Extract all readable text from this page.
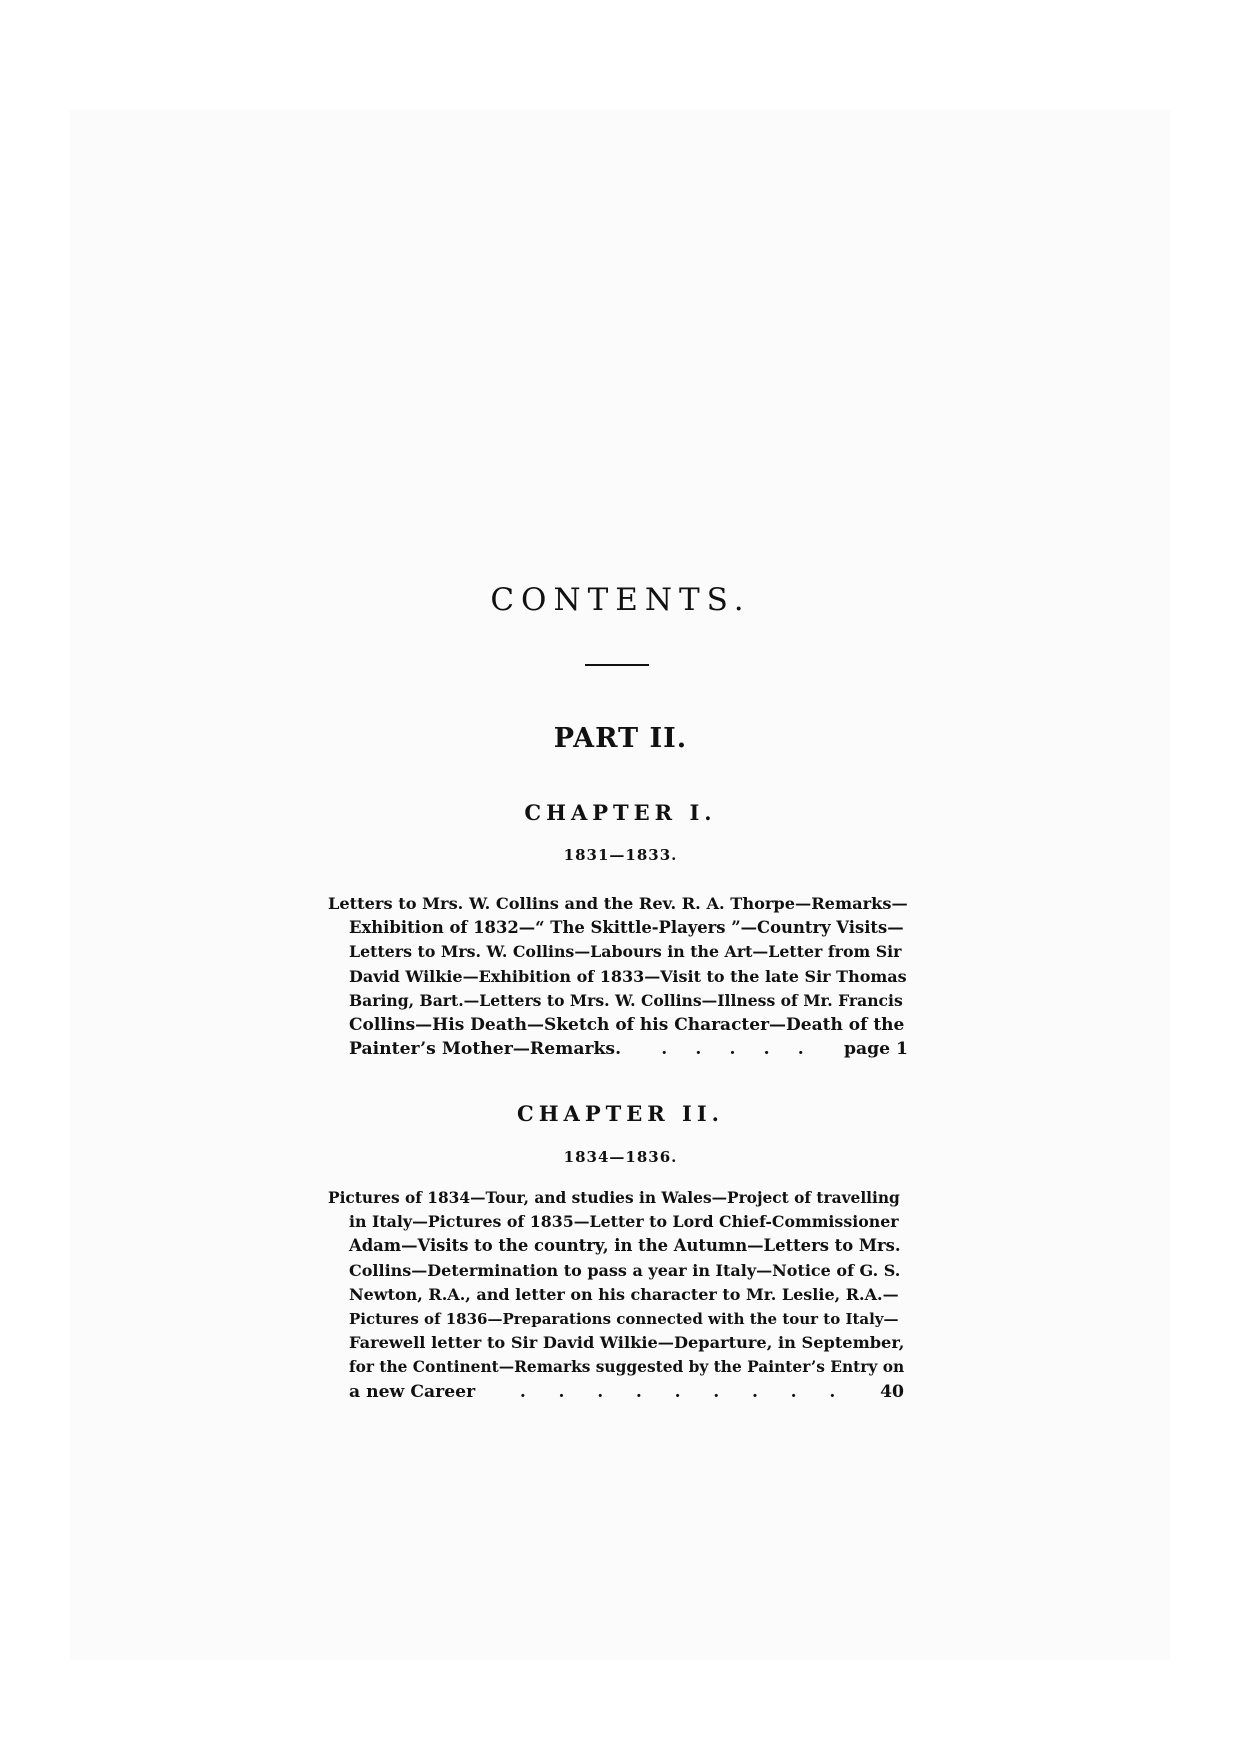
CONTENTS.
PART II.
CHAPTER I.
1831—1833.
Letters to Mrs. W. Collins and the Rev. R. A. Thorpe—Remarks—
Exhibition of 1832—“ The Skittle-Players ”—Country Visits—
Letters to Mrs. W. Collins—Labours in the Art—Letter from Sir
David Wilkie—Exhibition of 1833—Visit to the late Sir Thomas
Baring, Bart.—Letters to Mrs. W. Collins—Illness of Mr. Francis
Collins—His Death—Sketch of his Character—Death of the
Painter’s Mother—Remarks. . . . . . page 1
CHAPTER II.
1834—1836.
Pictures of 1834—Tour, and studies in Wales—Project of travelling
in Italy—Pictures of 1835—Letter to Lord Chief-Commissioner
Adam—Visits to the country, in the Autumn—Letters to Mrs.
Collins—Determination to pass a year in Italy—Notice of G. S.
Newton, R.A., and letter on his character to Mr. Leslie, R.A.—
Pictures of 1836—Preparations connected with the tour to Italy—
Farewell letter to Sir David Wilkie—Departure, in September,
for the Continent—Remarks suggested by the Painter’s Entry on
a new Career	. . . . . . . . .	40
